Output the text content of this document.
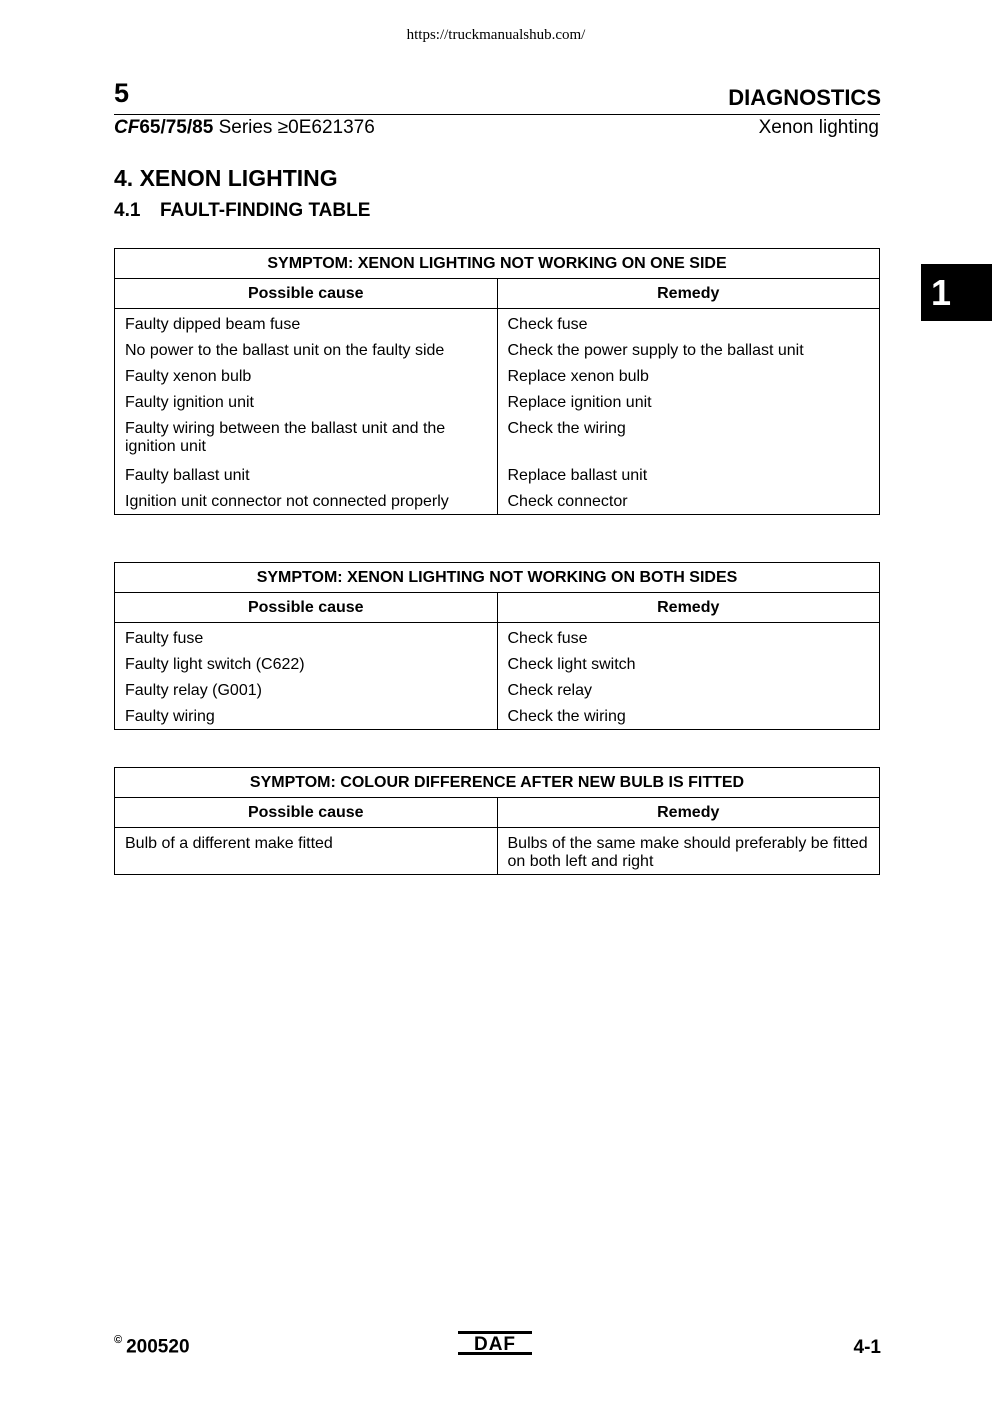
https://truckmanualshub.com/
5	DIAGNOSTICS
CF65/75/85 Series ≥0E621376	Xenon lighting
4. XENON LIGHTING
4.1 FAULT-FINDING TABLE
1
SYMPTOM: XENON LIGHTING NOT WORKING ON ONE SIDE	
Possible cause	Remedy
Faulty dipped beam fuse	Check fuse
No power to the ballast unit on the faulty side	Check the power supply to the ballast unit
Faulty xenon bulb	Replace xenon bulb
Faulty ignition unit	Replace ignition unit
Faulty wiring between the ballast unit and the ignition unit	Check the wiring
Faulty ballast unit	Replace ballast unit
Ignition unit connector not connected properly	Check connector
SYMPTOM: XENON LIGHTING NOT WORKING ON BOTH SIDES	
Possible cause	Remedy
Faulty fuse	Check fuse
Faulty light switch (C622)	Check light switch
Faulty relay (G001)	Check relay
Faulty wiring	Check the wiring
SYMPTOM: COLOUR DIFFERENCE AFTER NEW BULB IS FITTED	
Possible cause	Remedy
Bulb of a different make fitted	Bulbs of the same make should preferably be fitted on both left and right
© 200520	DAF	4-1
